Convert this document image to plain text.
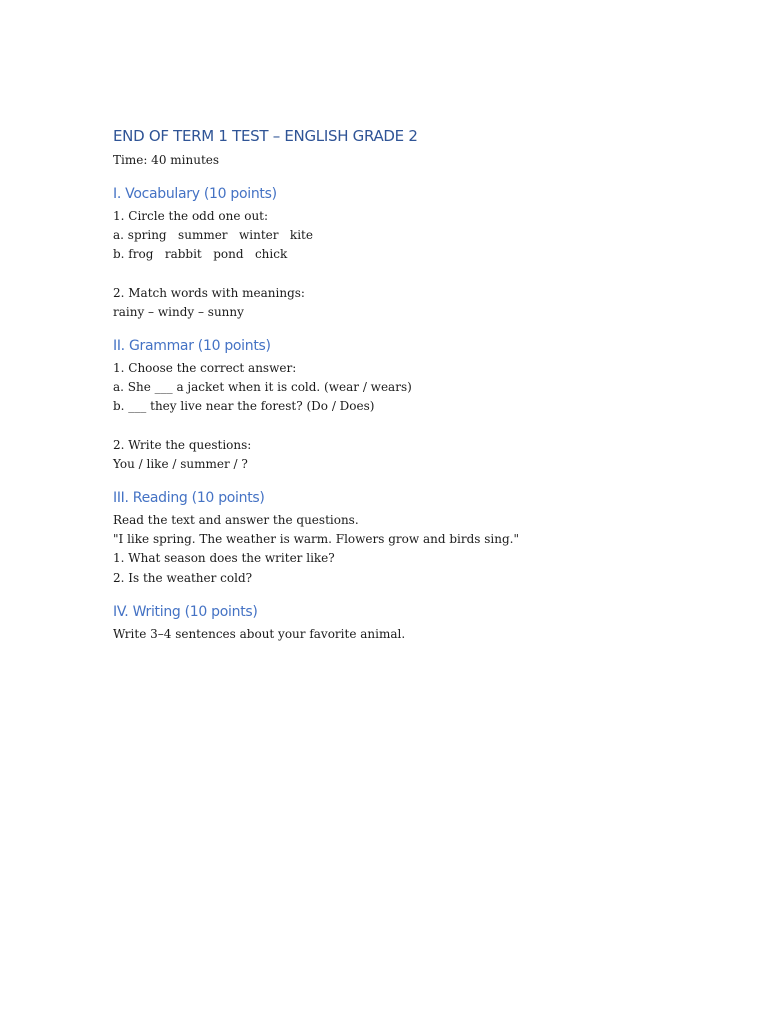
END OF TERM 1 TEST – ENGLISH GRADE 2

Time: 40 minutes

I. Vocabulary (10 points)

1. Circle the odd one out:

a. spring   summer   winter   kite

b. frog   rabbit   pond   chick

2. Match words with meanings:

rainy – windy – sunny

II. Grammar (10 points)

1. Choose the correct answer:

a. She ___ a jacket when it is cold. (wear / wears)

b. ___ they live near the forest? (Do / Does)

2. Write the questions:

You / like / summer / ?

III. Reading (10 points)

Read the text and answer the questions.

"I like spring. The weather is warm. Flowers grow and birds sing."

1. What season does the writer like?

2. Is the weather cold?

IV. Writing (10 points)

Write 3–4 sentences about your favorite animal.
